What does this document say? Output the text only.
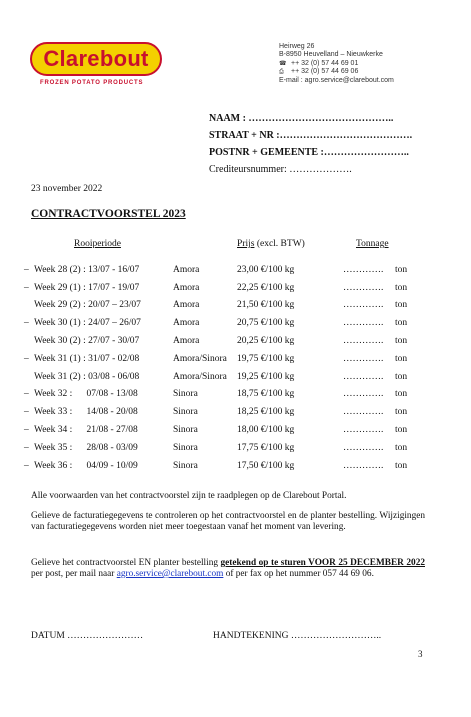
Clarebout
FROZEN POTATO PRODUCTS
Heirweg 26
B-8950 Heuvelland – Nieuwkerke
☎ ++ 32 (0) 57 44 69 01
⎙	++ 32 (0) 57 44 69 06
E-mail : agro.service@clarebout.com
NAAM : ……………………………………..
STRAAT + NR :………………………………….
POSTNR + GEMEENTE :……………………..
Crediteursnummer: ……………….
23 november 2022
CONTRACTVOORSTEL 2023
Rooiperiode	Prijs (excl. BTW)	Tonnage
–	Week 28 (2) : 13/07 - 16/07	Amora	23,00 €/100 kg	………….	ton
–	Week 29 (1) : 17/07 - 19/07	Amora	22,25 €/100 kg	………….	ton
	Week 29 (2) : 20/07 – 23/07	Amora	21,50 €/100 kg	………….	ton
–	Week 30 (1) : 24/07 – 26/07	Amora	20,75 €/100 kg	………….	ton
	Week 30 (2) : 27/07 - 30/07	Amora	20,25 €/100 kg	………….	ton
–	Week 31 (1) : 31/07 - 02/08	Amora/Sinora	19,75 €/100 kg	………….	ton
	Week 31 (2) : 03/08 - 06/08	Amora/Sinora	19,25 €/100 kg	………….	ton
–	Week 32 :      07/08 - 13/08	Sinora	18,75 €/100 kg	………….	ton
–	Week 33 :      14/08 - 20/08	Sinora	18,25 €/100 kg	………….	ton
–	Week 34 :      21/08 - 27/08	Sinora	18,00 €/100 kg	………….	ton
–	Week 35 :      28/08 - 03/09	Sinora	17,75 €/100 kg	………….	ton
–	Week 36 :      04/09 - 10/09	Sinora	17,50 €/100 kg	………….	ton
Alle voorwaarden van het contractvoorstel zijn te raadplegen op de Clarebout Portal.
Gelieve de facturatiegegevens te controleren op het contractvoorstel en de planter bestelling. Wijzigingen van facturatiegegevens worden niet meer toegestaan vanaf het moment van levering.
Gelieve het contractvoorstel EN planter bestelling getekend op te sturen VOOR 25 DECEMBER 2022 per post, per mail naar agro.service@clarebout.com of per fax op het nummer 057 44 69 06.
DATUM ……………………	HANDTEKENING ………………………..
3
